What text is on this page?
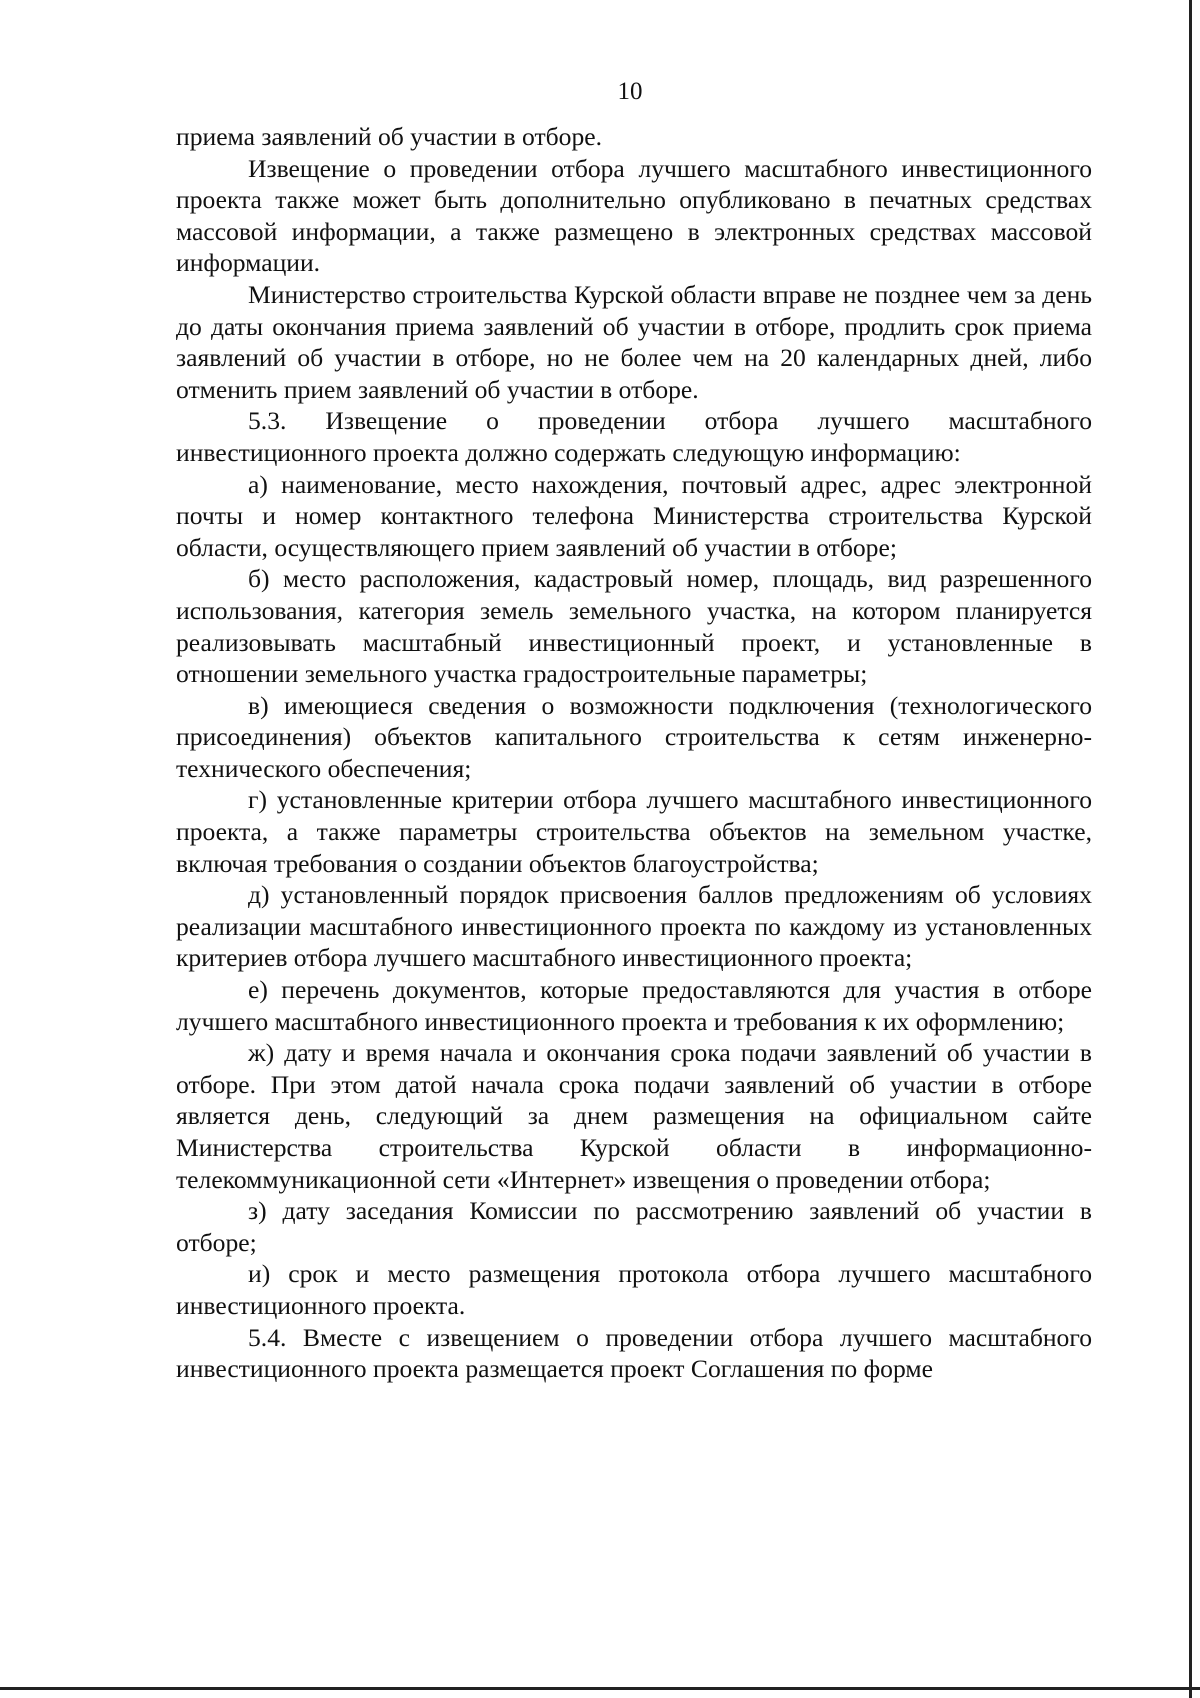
10

приема заявлений об участии в отборе.

Извещение о проведении отбора лучшего масштабного инвестиционного проекта также может быть дополнительно опубликовано в печатных средствах массовой информации, а также размещено в электронных средствах массовой информации.

Министерство строительства Курской области вправе не позднее чем за день до даты окончания приема заявлений об участии в отборе, продлить срок приема заявлений об участии в отборе, но не более чем на 20 календарных дней, либо отменить прием заявлений об участии в отборе.

5.3. Извещение о проведении отбора лучшего масштабного инвестиционного проекта должно содержать следующую информацию:

а) наименование, место нахождения, почтовый адрес, адрес электронной почты и номер контактного телефона Министерства строительства Курской области, осуществляющего прием заявлений об участии в отборе;

б) место расположения, кадастровый номер, площадь, вид разрешенного использования, категория земель земельного участка, на котором планируется реализовывать масштабный инвестиционный проект, и установленные в отношении земельного участка градостроительные параметры;

в) имеющиеся сведения о возможности подключения (технологического присоединения) объектов капитального строительства к сетям инженерно-технического обеспечения;

г) установленные критерии отбора лучшего масштабного инвестиционного проекта, а также параметры строительства объектов на земельном участке, включая требования о создании объектов благоустройства;

д) установленный порядок присвоения баллов предложениям об условиях реализации масштабного инвестиционного проекта по каждому из установленных критериев отбора лучшего масштабного инвестиционного проекта;

е) перечень документов, которые предоставляются для участия в отборе лучшего масштабного инвестиционного проекта и требования к их оформлению;

ж) дату и время начала и окончания срока подачи заявлений об участии в отборе. При этом датой начала срока подачи заявлений об участии в отборе является день, следующий за днем размещения на официальном сайте Министерства строительства Курской области в информационно-телекоммуникационной сети «Интернет» извещения о проведении отбора;

з) дату заседания Комиссии по рассмотрению заявлений об участии в отборе;

и) срок и место размещения протокола отбора лучшего масштабного инвестиционного проекта.

5.4. Вместе с извещением о проведении отбора лучшего масштабного инвестиционного проекта размещается проект Соглашения по форме
